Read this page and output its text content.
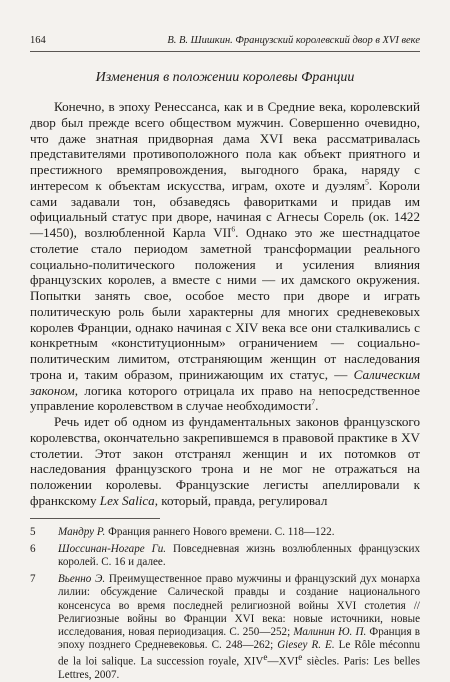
164	В. В. Шишкин. Французский королевский двор в XVI веке
Изменения в положении королевы Франции

Конечно, в эпоху Ренессанса, как и в Средние века, королевский двор был прежде всего обществом мужчин. Совершенно очевидно, что даже знатная придворная дама XVI века рассматривалась представителями противоположного пола как объект приятного и престижного времяпровождения, выгодного брака, наряду с интересом к объектам искусства, играм, охоте и дуэлям$^5$. Короли сами задавали тон, обзаведясь фаворитками и придав им официальный статус при дворе, начиная с Агнесы Сорель (ок. 1422—1450), возлюбленной Карла VII$^6$. Однако это же шестнадцатое столетие стало периодом заметной трансформации реального социально-политического положения и усиления влияния французских королев, а вместе с ними — их дамского окружения. Попытки занять свое, особое место при дворе и играть политическую роль были характерны для многих средневековых королев Франции, однако начиная с XIV века все они сталкивались с конкретным «конституционным» ограничением — социально-политическим лимитом, отстраняющим женщин от наследования трона и, таким образом, принижающим их статус, — Салическим законом, логика которого отрицала их право на непосредственное управление королевством в случае необходимости$^7$.

Речь идет об одном из фундаментальных законов французского королевства, окончательно закрепившемся в правовой практике в XV столетии. Этот закон отстранял женщин и их потомков от наследования французского трона и не мог не отражаться на положении королевы. Французские легисты апеллировали к франкскому Lex Salica, который, правда, регулировал

5	Мандру Р. Франция раннего Нового времени. С. 118—122.
6	Шоссинан-Ногаре Ги. Повседневная жизнь возлюбленных французских королей. С. 16 и далее.
7	Вьенно Э. Преимущественное право мужчины и французский дух монарха лилии: обсуждение Салической правды и создание национального консенсуса во время последней религиозной войны XVI столетия // Религиозные войны во Франции XVI века: новые источники, новые исследования, новая периодизация. С. 250—252; Малинин Ю. П. Франция в эпоху позднего Средневековья. С. 248—262; Giesey R. E. Le Rôle méconnu de la loi salique. La succession royale, XIVe—XVIe siècles. Paris: Les belles Lettres, 2007.
